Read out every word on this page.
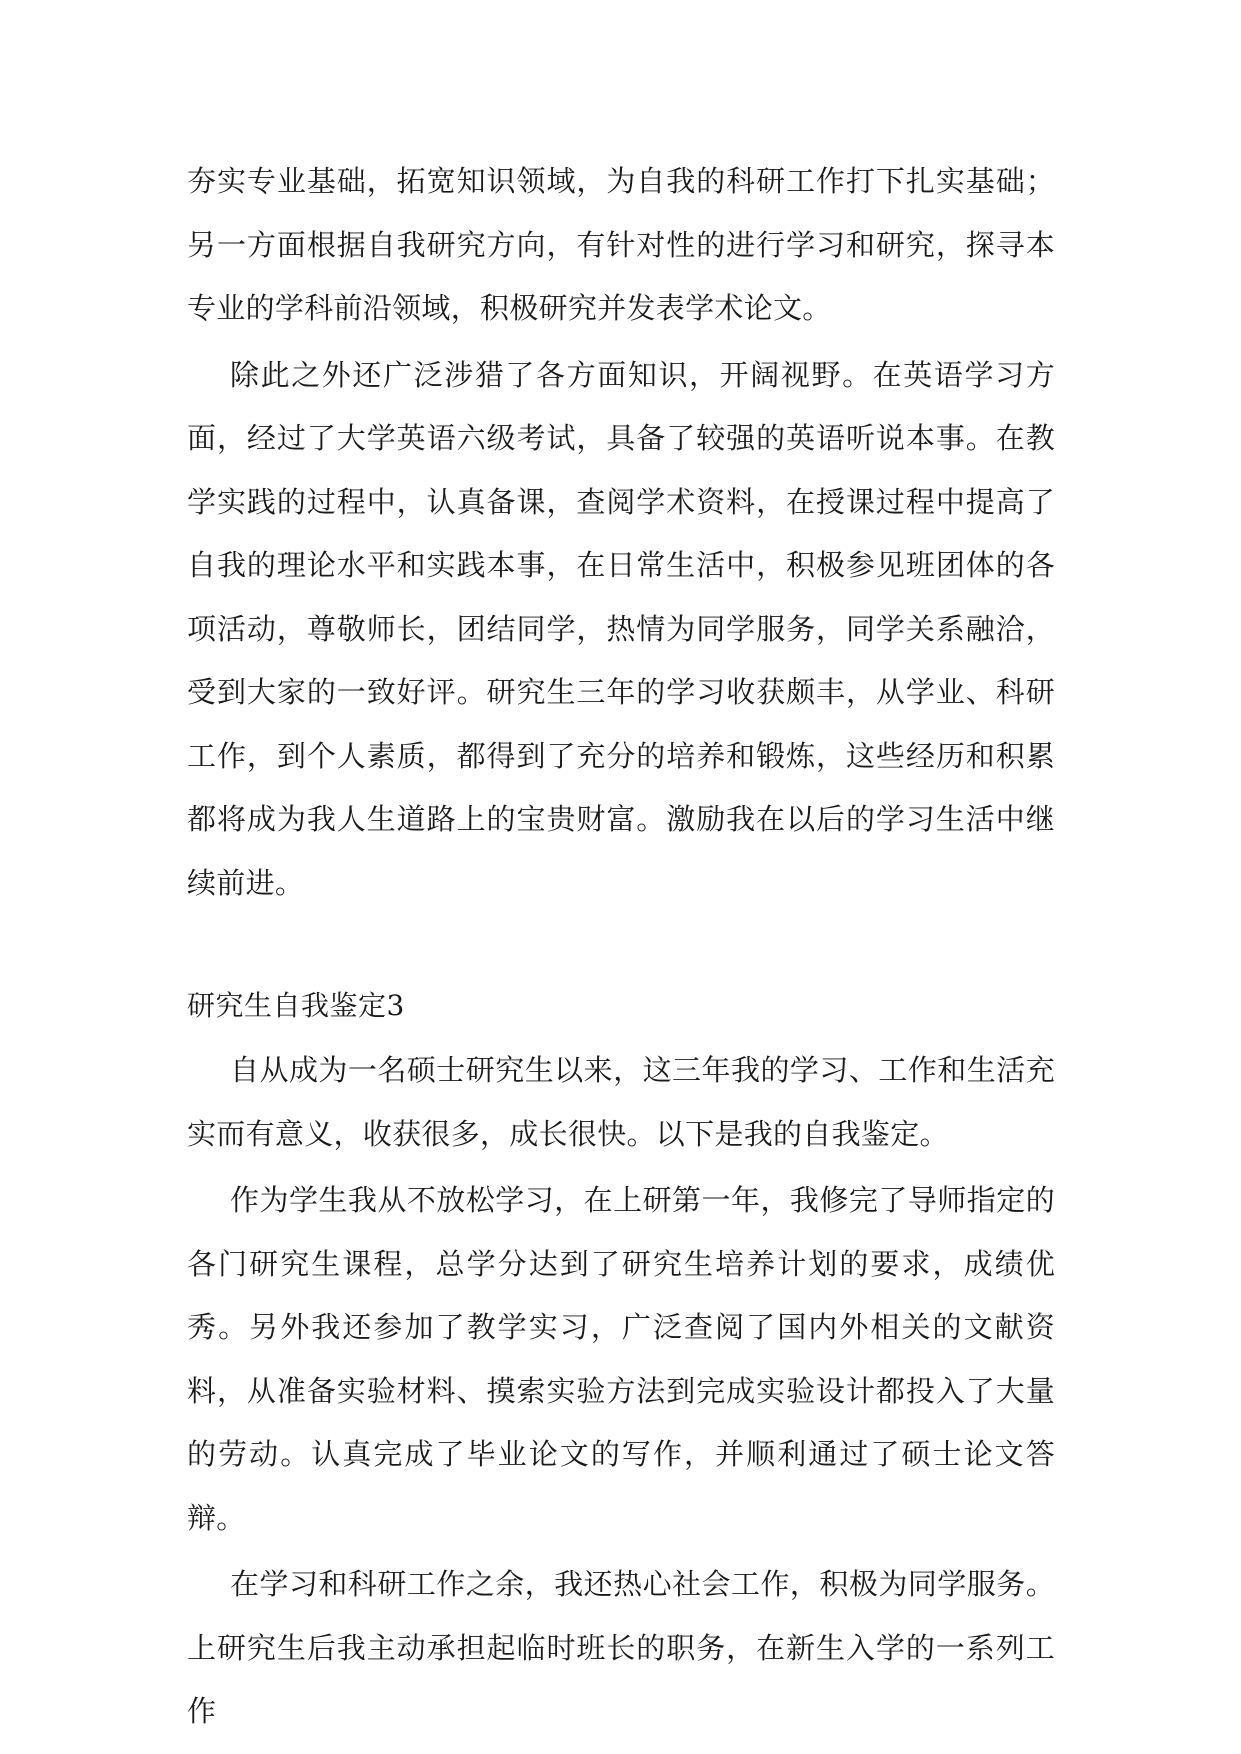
夯实专业基础，拓宽知识领域，为自我的科研工作打下扎实基础；另一方面根据自我研究方向，有针对性的进行学习和研究，探寻本专业的学科前沿领域，积极研究并发表学术论文。

除此之外还广泛涉猎了各方面知识，开阔视野。在英语学习方面，经过了大学英语六级考试，具备了较强的英语听说本事。在教学实践的过程中，认真备课，查阅学术资料，在授课过程中提高了自我的理论水平和实践本事，在日常生活中，积极参见班团体的各项活动，尊敬师长，团结同学，热情为同学服务，同学关系融洽，受到大家的一致好评。研究生三年的学习收获颇丰，从学业、科研工作，到个人素质，都得到了充分的培养和锻炼，这些经历和积累都将成为我人生道路上的宝贵财富。激励我在以后的学习生活中继续前进。

研究生自我鉴定3

自从成为一名硕士研究生以来，这三年我的学习、工作和生活充实而有意义，收获很多，成长很快。以下是我的自我鉴定。

作为学生我从不放松学习，在上研第一年，我修完了导师指定的各门研究生课程，总学分达到了研究生培养计划的要求，成绩优秀。另外我还参加了教学实习，广泛查阅了国内外相关的文献资料，从准备实验材料、摸索实验方法到完成实验设计都投入了大量的劳动。认真完成了毕业论文的写作，并顺利通过了硕士论文答辩。

在学习和科研工作之余，我还热心社会工作，积极为同学服务。上研究生后我主动承担起临时班长的职务，在新生入学的一系列工作
